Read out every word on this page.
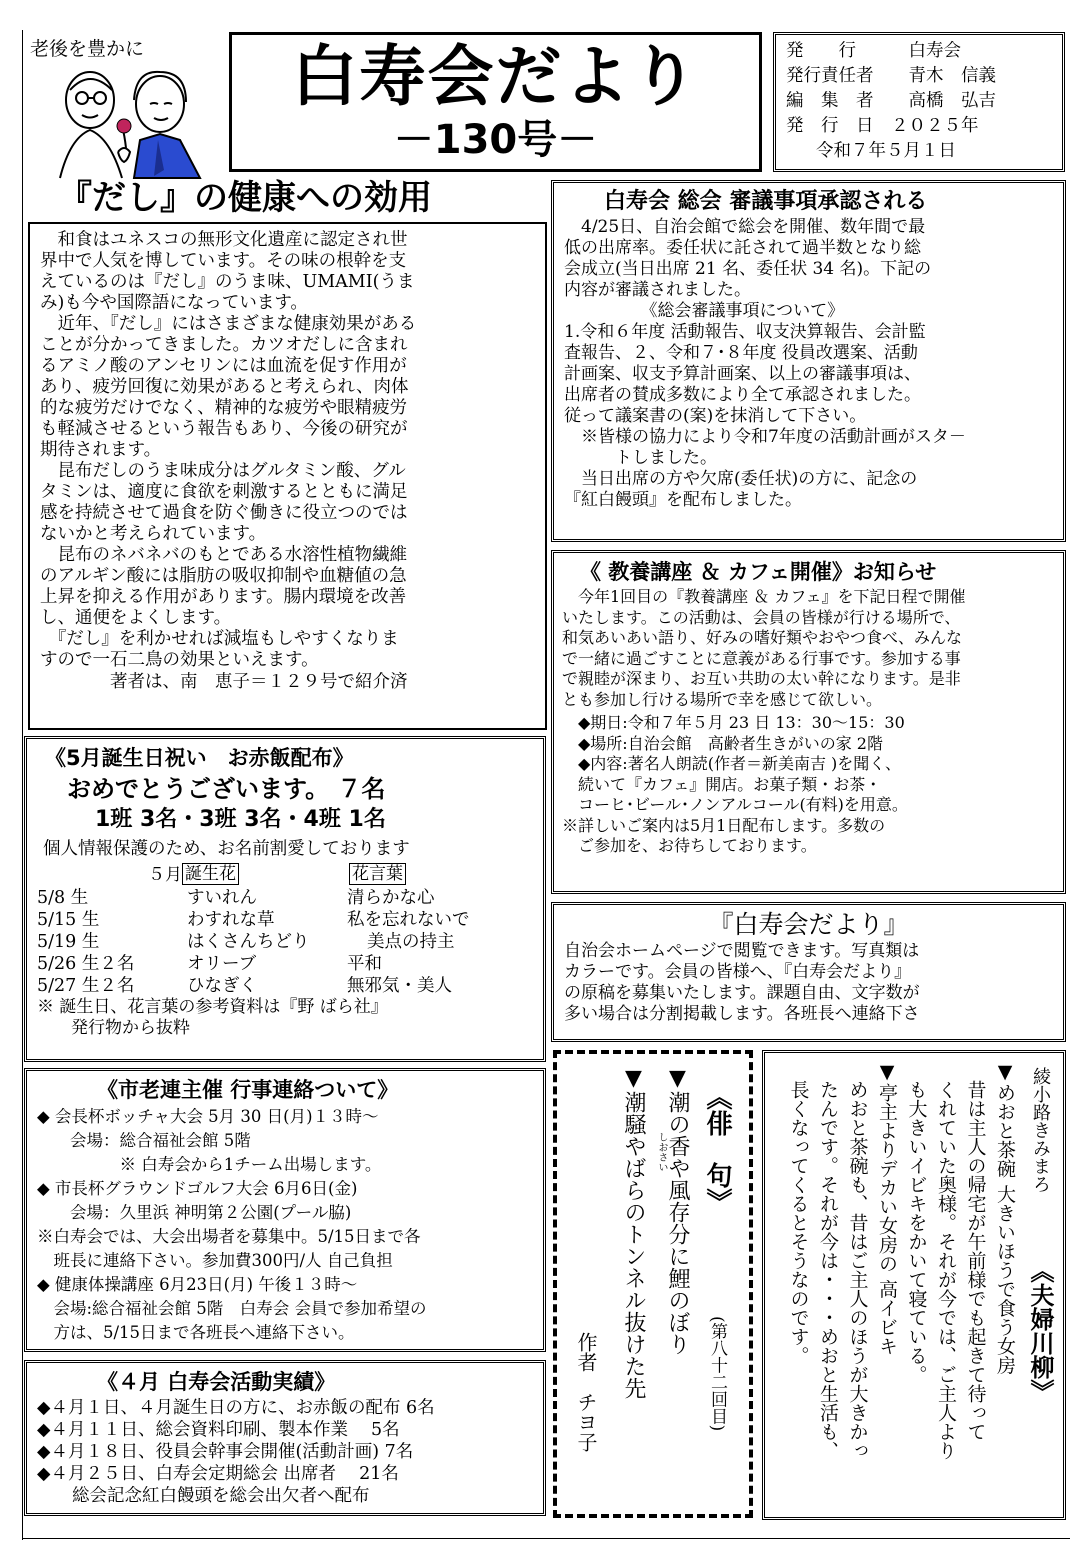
老後を豊かに	白寿会だより
－130号－
発　　行　　　白寿会
発行責任者　　青木　信義
編　集　者　　高橋　弘吉
発　行　日　２０２５年
令和７年５月１日
『だし』の健康への効用
　和食はユネスコの無形文化遺産に認定され世
界中で人気を博しています。その味の根幹を支
えているのは『だし』のうま味、UMAMI(うま
み)も今や国際語になっています。
　近年、『だし』にはさまざまな健康効果がある
ことが分かってきました。カツオだしに含まれ
るアミノ酸のアンセリンには血流を促す作用が
あり、疲労回復に効果があると考えられ、肉体
的な疲労だけでなく、精神的な疲労や眼精疲労
も軽減させるという報告もあり、今後の研究が
期待されます。
　昆布だしのうま味成分はグルタミン酸、グル
タミンは、適度に食欲を刺激するとともに満足
感を持続させて過食を防ぐ働きに役立つのでは
ないかと考えられています。
　昆布のネバネバのもとである水溶性植物繊維
のアルギン酸には脂肪の吸収抑制や血糖値の急
上昇を抑える作用があります。腸内環境を改善
し、通便をよくします。
　『だし』を利かせれば減塩もしやすくなりま
すので一石二鳥の効果といえます。
著者は、南　恵子＝１２９号で紹介済
白寿会 総会 審議事項承認される
　4/25日、自治会館で総会を開催、数年間で最
低の出席率。委任状に託されて過半数となり総
会成立(当日出席 21 名、委任状 34 名)。下記の
内容が審議されました。
　　　　　《総会審議事項について》
1.令和６年度 活動報告、収支決算報告、会計監
査報告、２、令和７･８年度 役員改選案、活動
計画案、収支予算計画案、以上の審議事項は、
出席者の賛成多数により全て承認されました。
従って議案書の(案)を抹消して下さい。
　※皆様の協力により令和7年度の活動計画がスタ－
　　　トしました。
　当日出席の方や欠席(委任状)の方に、記念の
『紅白饅頭』を配布しました。
《 教養講座 ＆ カフェ開催》お知らせ
　今年1回目の『教養講座 ＆ カフェ』を下記日程で開催
いたします。この活動は、会員の皆様が行ける場所で、
和気あいあい語り、好みの嗜好類やおやつ食べ、みんな
で一緒に過ごすことに意義がある行事です。参加する事
で親睦が深まり、お互い共助の太い幹になります。是非
とも参加し行ける場所で幸を感じて欲しい。
　◆期日:令和７年５月 23 日 13：30～15：30
　◆場所:自治会館　高齢者生きがいの家 2階
　◆内容:著名人朗読(作者＝新美南吉 )を聞く、
　続いて『カフェ』開店。お菓子類・お茶・
　コーヒ･ビール･ノンアルコール(有料)を用意。
※詳しいご案内は5月1日配布します。多数の
　ご参加を、お待ちしております。
『白寿会だより』
自治会ホームページで閲覧できます。写真類は
カラーです。会員の皆様へ、『白寿会だより』
の原稿を募集いたします。課題自由、文字数が
多い場合は分割掲載します。各班長へ連絡下さ
《5月誕生日祝い　お赤飯配布》
おめでとうございます。 ７名
1班 3名・3班 3名・4班 1名
個人情報保護のため、お名前割愛しております
５月 誕生花	花言葉
5/8 生	すいれん	清らかな心
5/15 生	わすれな草	私を忘れないで
5/19 生	はくさんちどり	美点の持主
5/26 生２名	オリーブ	平和
5/27 生２名	ひなぎく	無邪気・美人
※ 誕生日、花言葉の参考資料は『野 ばら社』
　　発行物から抜粋
《市老連主催 行事連絡ついて》
◆ 会長杯ボッチャ大会 5月 30 日(月)１３時～
　　会場：総合福祉会館 5階
　　　　　※ 白寿会から1チーム出場します。
◆ 市長杯グラウンドゴルフ大会 6月6日(金)
　　会場：久里浜 神明第２公園(プール脇)
※白寿会では、大会出場者を募集中。5/15日まで各
　班長に連絡下さい。参加費300円/人 自己負担
◆ 健康体操講座 6月23日(月) 午後１３時～
　会場:総合福祉会館 5階　白寿会 会員で参加希望の
　方は、5/15日まで各班長へ連絡下さい。
《４月 白寿会活動実績》
◆４月１日、４月誕生日の方に、お赤飯の配布 6名
◆４月１１日、総会資料印刷、製本作業　 5名
◆４月１８日、役員会幹事会開催(活動計画) 7名
◆４月２５日、白寿会定期総会 出席者　 21名
　　総会記念紅白饅頭を総会出欠者へ配布
《俳　句》
(第八十二回目)
▼潮の香や風存分に鯉のぼり
しおさい
▼潮騒やばらのトンネル抜けた先
作者　チヨ子
綾小路きみまろ
《夫婦川柳》
▼めおと茶碗 大きいほうで食う女房
　昔は主人の帰宅が午前様でも起きて待って
　くれていた奥様。それが今では、ご主人より
　も大きいイビキをかいて寝ている。
▼亭主よりデカい女房の 高イビキ
　めおと茶碗も、昔はご主人のほうが大きかっ
　たんです。それが今は・・・めおと生活も、
　長くなってくるとそうなのです。
